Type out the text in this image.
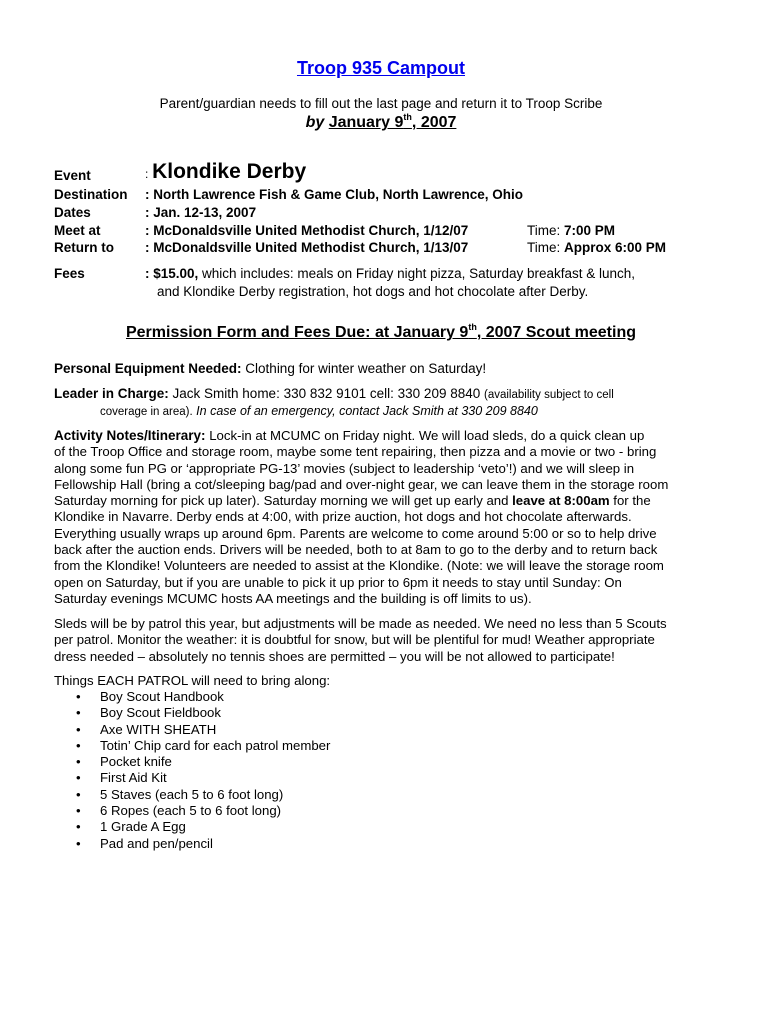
Troop 935 Campout
Parent/guardian needs to fill out the last page and return it to Troop Scribe
by January 9th, 2007
Event	: Klondike Derby
Destination : North Lawrence Fish & Game Club, North Lawrence, Ohio
Dates	: Jan. 12-13, 2007
Meet at	: McDonaldsville United Methodist Church, 1/12/07	Time: 7:00 PM
Return to : McDonaldsville United Methodist Church, 1/13/07	Time: Approx 6:00 PM
Fees	: $15.00, which includes: meals on Friday night pizza, Saturday breakfast & lunch,
and Klondike Derby registration, hot dogs and hot chocolate after Derby.
Permission Form and Fees Due: at January 9th, 2007 Scout meeting
Personal Equipment Needed: Clothing for winter weather on Saturday!
Leader in Charge: Jack Smith home: 330 832 9101 cell: 330 209 8840 (availability subject to cell
coverage in area). In case of an emergency, contact Jack Smith at 330 209 8840
Activity Notes/Itinerary: Lock-in at MCUMC on Friday night. We will load sleds, do a quick clean up
of the Troop Office and storage room, maybe some tent repairing, then pizza and a movie or two - bring
along some fun PG or ‘appropriate PG-13’ movies (subject to leadership ‘veto’!) and we will sleep in
Fellowship Hall (bring a cot/sleeping bag/pad and over-night gear, we can leave them in the storage room
Saturday morning for pick up later). Saturday morning we will get up early and leave at 8:00am for the
Klondike in Navarre. Derby ends at 4:00, with prize auction, hot dogs and hot chocolate afterwards.
Everything usually wraps up around 6pm. Parents are welcome to come around 5:00 or so to help drive
back after the auction ends. Drivers will be needed, both to at 8am to go to the derby and to return back
from the Klondike! Volunteers are needed to assist at the Klondike. (Note: we will leave the storage room
open on Saturday, but if you are unable to pick it up prior to 6pm it needs to stay until Sunday: On
Saturday evenings MCUMC hosts AA meetings and the building is off limits to us).
Sleds will be by patrol this year, but adjustments will be made as needed. We need no less than 5 Scouts
per patrol. Monitor the weather: it is doubtful for snow, but will be plentiful for mud! Weather appropriate
dress needed – absolutely no tennis shoes are permitted – you will be not allowed to participate!
Things EACH PATROL will need to bring along:
• Boy Scout Handbook
• Boy Scout Fieldbook
• Axe WITH SHEATH
• Totin’ Chip card for each patrol member
• Pocket knife
• First Aid Kit
• 5 Staves (each 5 to 6 foot long)
• 6 Ropes (each 5 to 6 foot long)
• 1 Grade A Egg
• Pad and pen/pencil
